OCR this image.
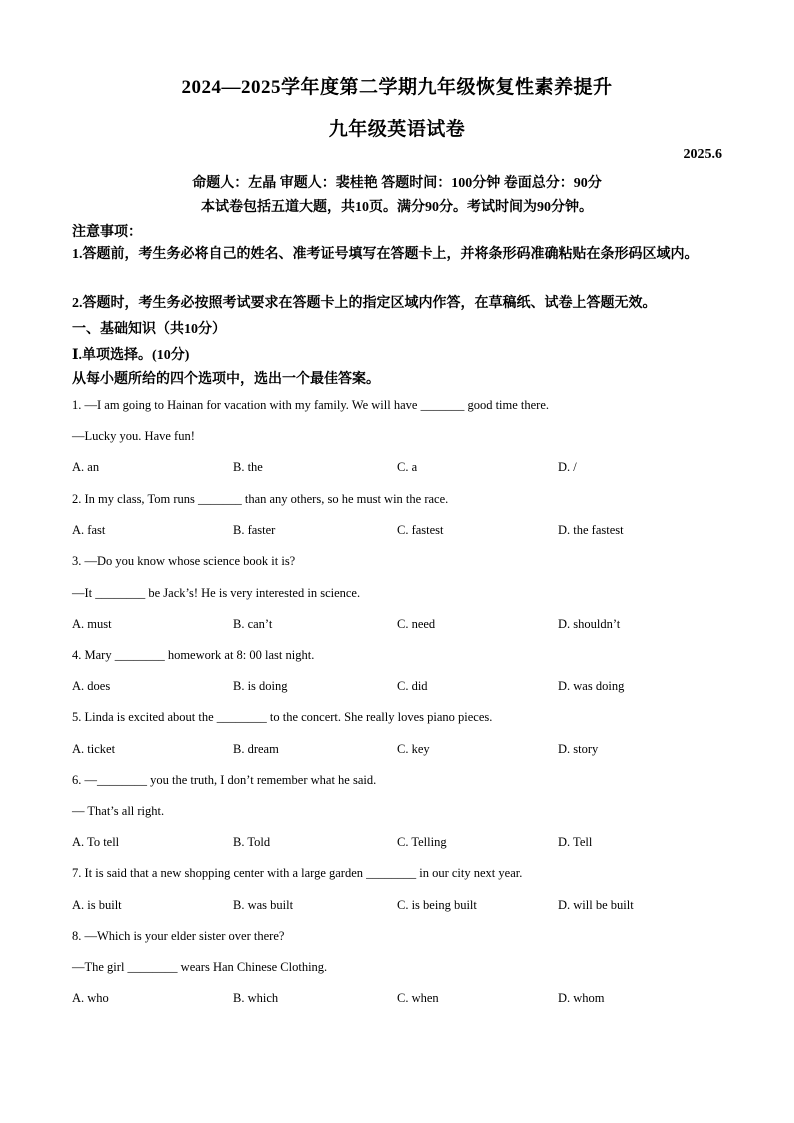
2024—2025学年度第二学期九年级恢复性素养提升
九年级英语试卷
2025.6
命题人：左晶 审题人：裴桂艳 答题时间：100分钟 卷面总分：90分
本试卷包括五道大题，共10页。满分90分。考试时间为90分钟。
注意事项：
1.答题前，考生务必将自己的姓名、准考证号填写在答题卡上，并将条形码准确粘贴在条形码区域内。
2.答题时，考生务必按照考试要求在答题卡上的指定区域内作答，在草稿纸、试卷上答题无效。
一、基础知识（共10分）
Ⅰ.单项选择。(10分)
从每小题所给的四个选项中，选出一个最佳答案。
1. —I am going to Hainan for vacation with my family. We will have _______ good time there.
—Lucky you. Have fun!
A. an	B. the	C. a	D. /
2. In my class, Tom runs _______ than any others, so he must win the race.
A. fast	B. faster	C. fastest	D. the fastest
3. —Do you know whose science book it is?
—It ________ be Jack’s! He is very interested in science.
A. must	B. can’t	C. need	D. shouldn’t
4. Mary ________ homework at 8: 00 last night.
A. does	B. is doing	C. did	D. was doing
5. Linda is excited about the ________ to the concert. She really loves piano pieces.
A. ticket	B. dream	C. key	D. story
6. —________ you the truth, I don’t remember what he said.
— That’s all right.
A. To tell	B. Told	C. Telling	D. Tell
7. It is said that a new shopping center with a large garden ________ in our city next year.
A. is built	B. was built	C. is being built	D. will be built
8. —Which is your elder sister over there?
—The girl ________ wears Han Chinese Clothing.
A. who	B. which	C. when	D. whom
